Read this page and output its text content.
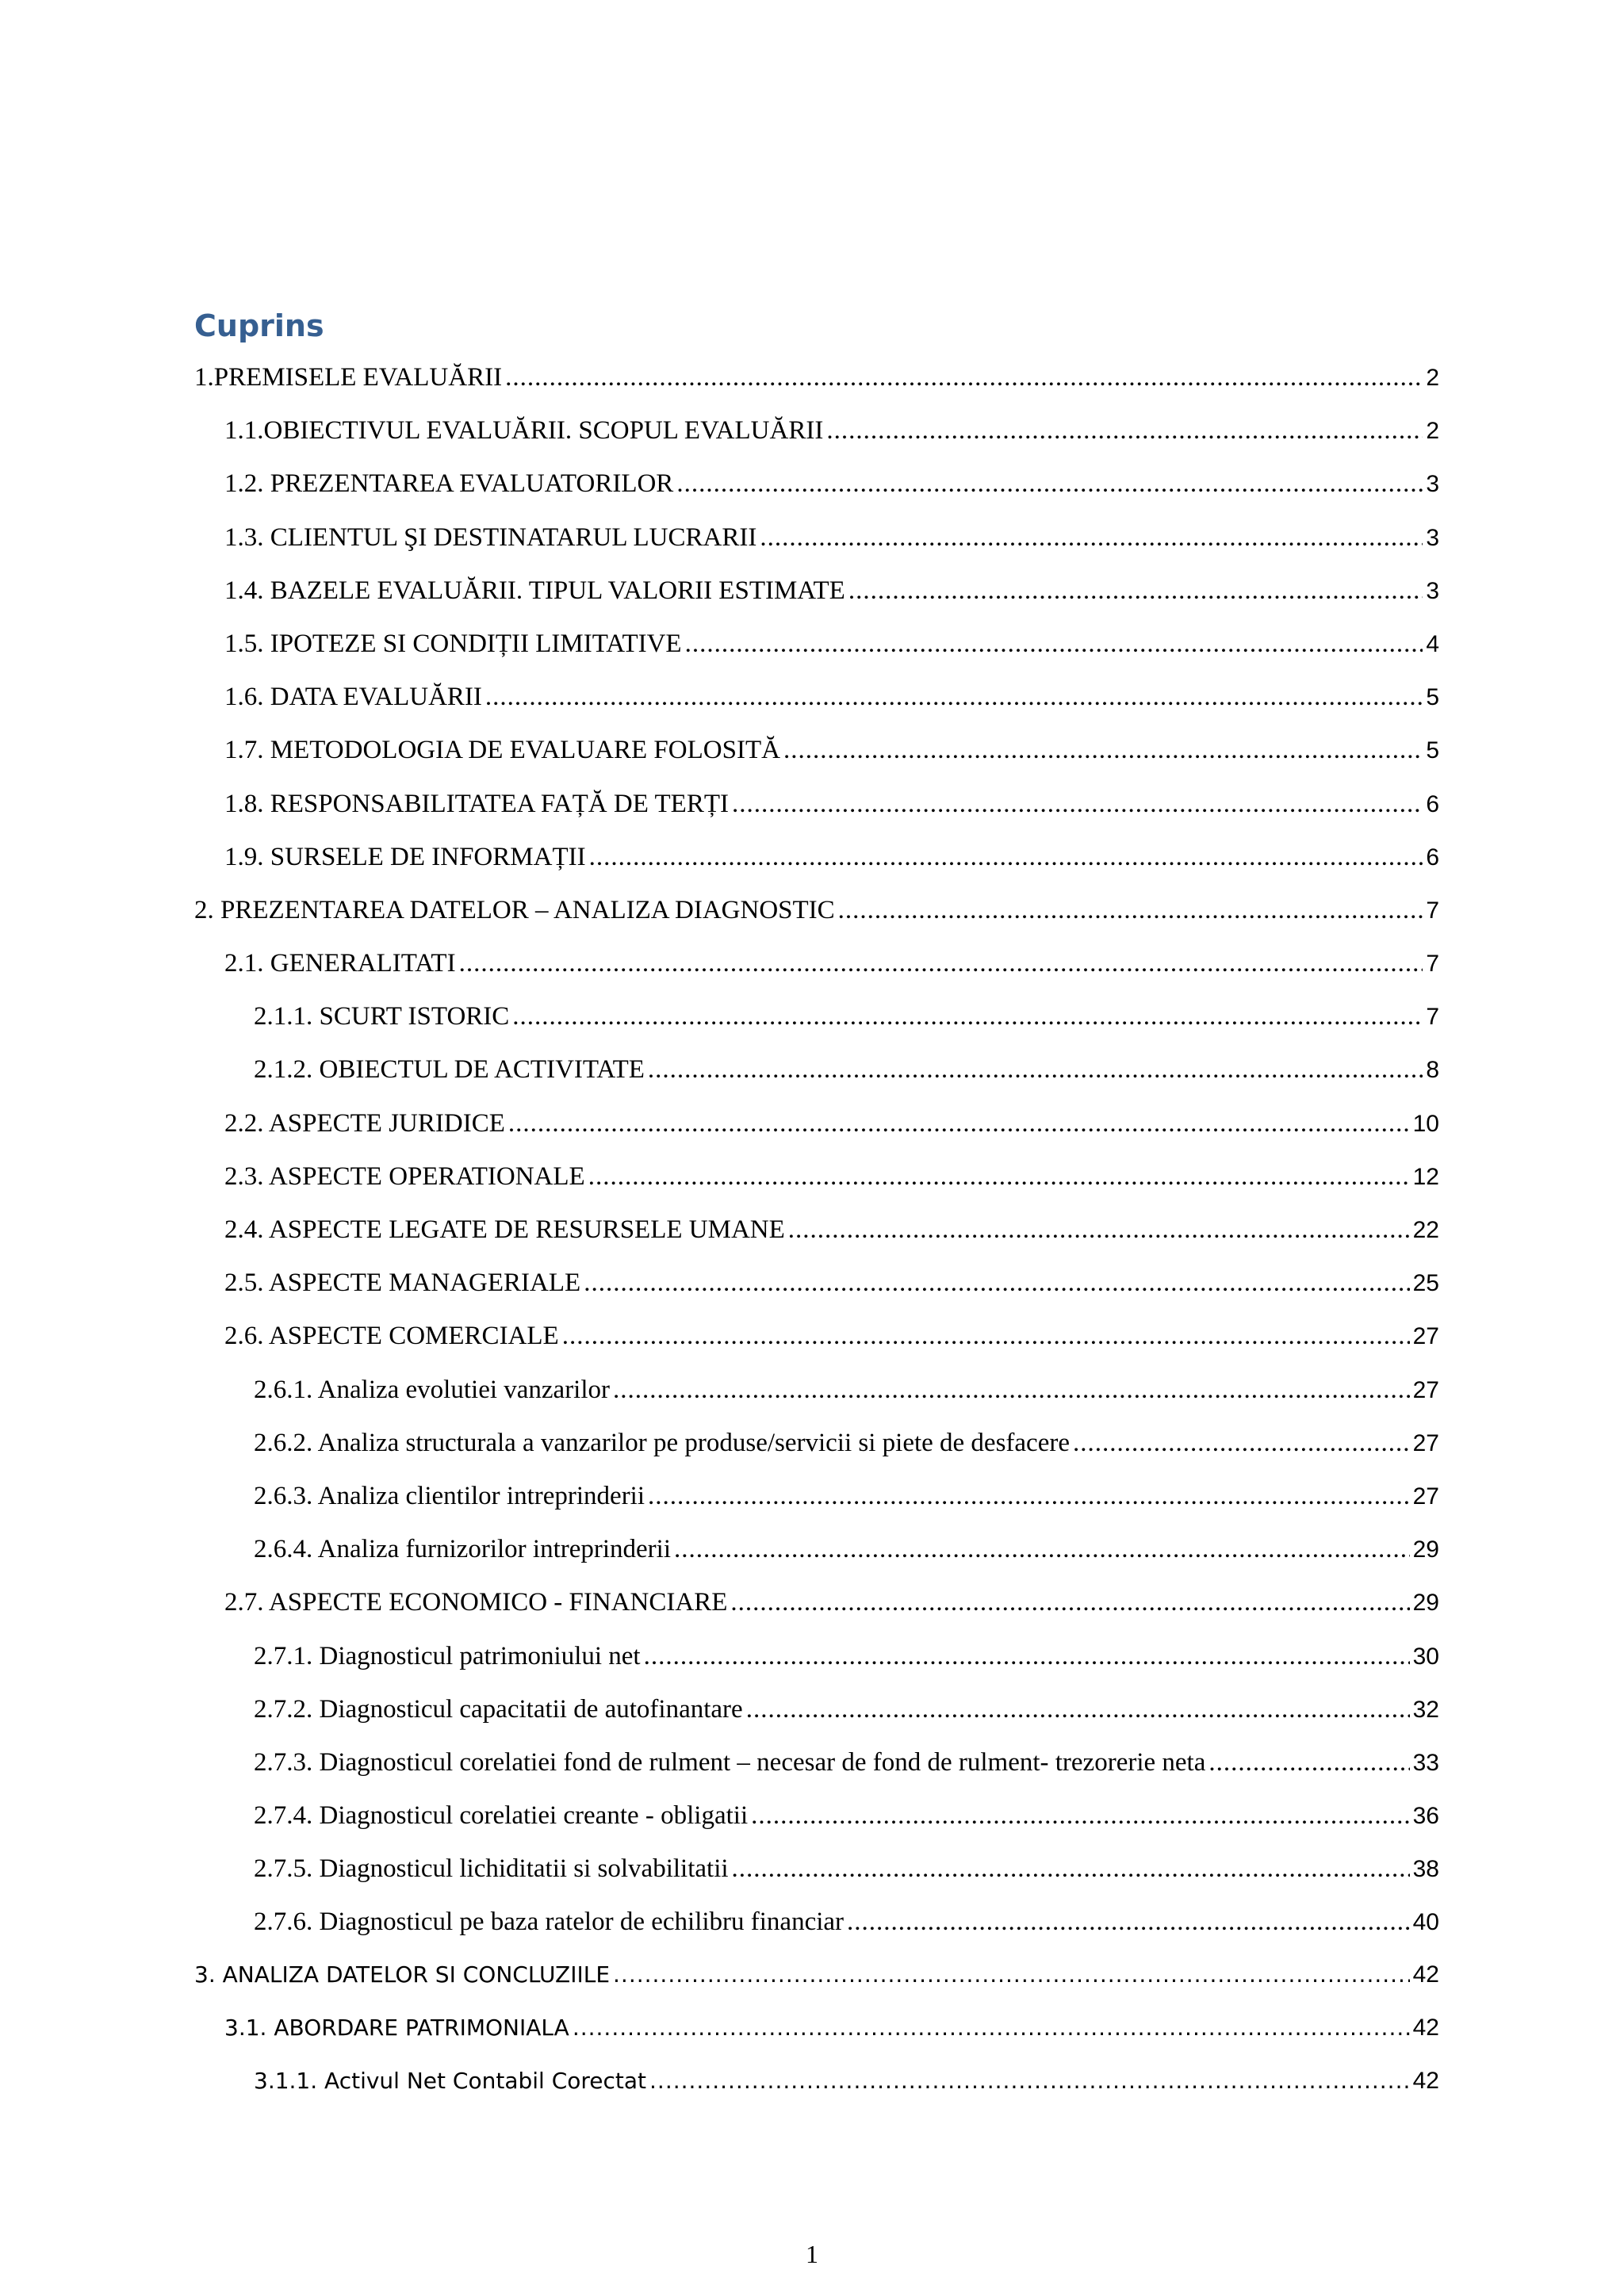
Cuprins
1.PREMISELE EVALUĂRII .....	2
1.1.OBIECTIVUL EVALUĂRII. SCOPUL EVALUĂRII .....	2
1.2. PREZENTAREA EVALUATORILOR .....	3
1.3. CLIENTUL ŞI DESTINATARUL LUCRARII .....	3
1.4. BAZELE EVALUĂRII. TIPUL VALORII ESTIMATE .....	3
1.5. IPOTEZE SI CONDIȚII LIMITATIVE .....	4
1.6. DATA EVALUĂRII .....	5
1.7. METODOLOGIA DE EVALUARE FOLOSITĂ .....	5
1.8. RESPONSABILITATEA FAȚĂ DE TERȚI .....	6
1.9. SURSELE DE INFORMAȚII .....	6
2. PREZENTAREA DATELOR – ANALIZA DIAGNOSTIC .....	7
2.1. GENERALITATI .....	7
2.1.1. SCURT ISTORIC .....	7
2.1.2. OBIECTUL DE ACTIVITATE .....	8
2.2. ASPECTE JURIDICE .....	10
2.3. ASPECTE OPERATIONALE .....	12
2.4. ASPECTE LEGATE DE RESURSELE UMANE .....	22
2.5. ASPECTE MANAGERIALE .....	25
2.6. ASPECTE COMERCIALE .....	27
2.6.1. Analiza evolutiei vanzarilor .....	27
2.6.2. Analiza structurala a vanzarilor pe produse/servicii si piete de desfacere .....	27
2.6.3. Analiza clientilor intreprinderii .....	27
2.6.4. Analiza furnizorilor intreprinderii .....	29
2.7. ASPECTE ECONOMICO - FINANCIARE .....	29
2.7.1. Diagnosticul patrimoniului net .....	30
2.7.2. Diagnosticul capacitatii de autofinantare .....	32
2.7.3. Diagnosticul corelatiei fond de rulment – necesar de fond de rulment- trezorerie neta .....	33
2.7.4. Diagnosticul corelatiei creante - obligatii .....	36
2.7.5. Diagnosticul lichiditatii si solvabilitatii .....	38
2.7.6. Diagnosticul pe baza ratelor de echilibru financiar .....	40
3. ANALIZA DATELOR SI CONCLUZIILE .....	42
3.1. ABORDARE PATRIMONIALA .....	42
3.1.1. Activul Net Contabil Corectat .....	42

1
